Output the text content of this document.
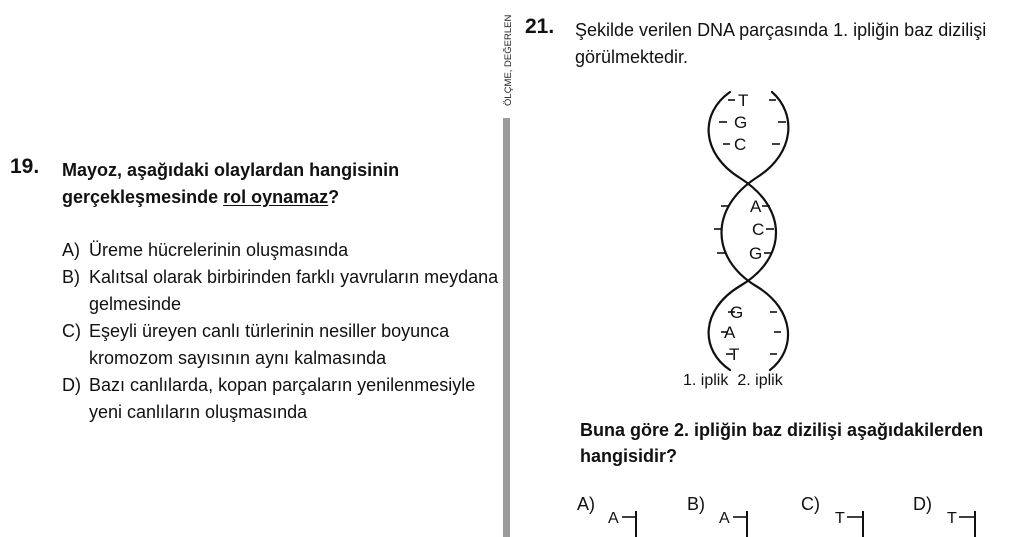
19. Mayoz, aşağıdaki olaylardan hangisinin gerçekleşmesinde rol oynamaz?
A) Üreme hücrelerinin oluşmasında
B) Kalıtsal olarak birbirinden farklı yavruların meydana gelmesinde
C) Eşeyli üreyen canlı türlerinin nesiller boyunca kromozom sayısının aynı kalmasında
D) Bazı canlılarda, kopan parçaların yenilenmesiyle yeni canlıların oluşmasında
ÖLÇME, DEĞERLEN 21. Şekilde verilen DNA parçasında 1. ipliğin baz dizilişi görülmektedir.
T
G
C
A
C
G
G
A
T
1. iplik 2. iplik
Buna göre 2. ipliğin baz dizilişi aşağıdakilerden hangisidir?
A)	B)	C)	D)
A	A	T	T
